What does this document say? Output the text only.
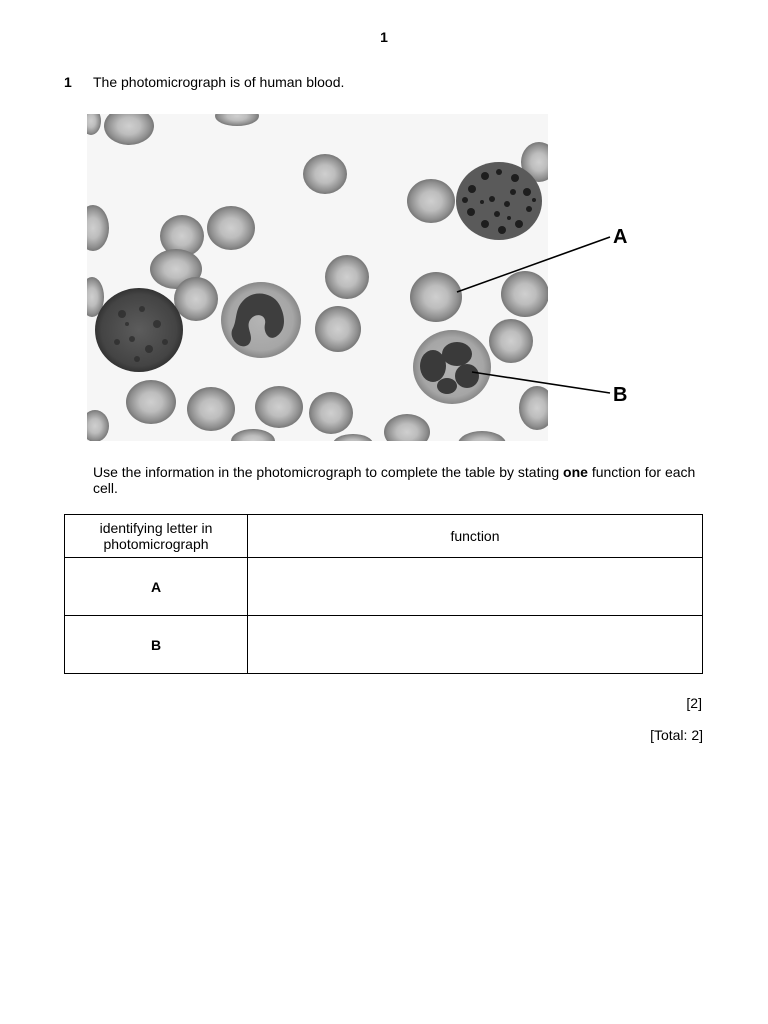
1
1 The photomicrograph is of human blood.
A
B
Use the information in the photomicrograph to complete the table by stating one function for each cell.
identifying letter in photomicrograph	function
A	
B	
[2]
[Total: 2]
